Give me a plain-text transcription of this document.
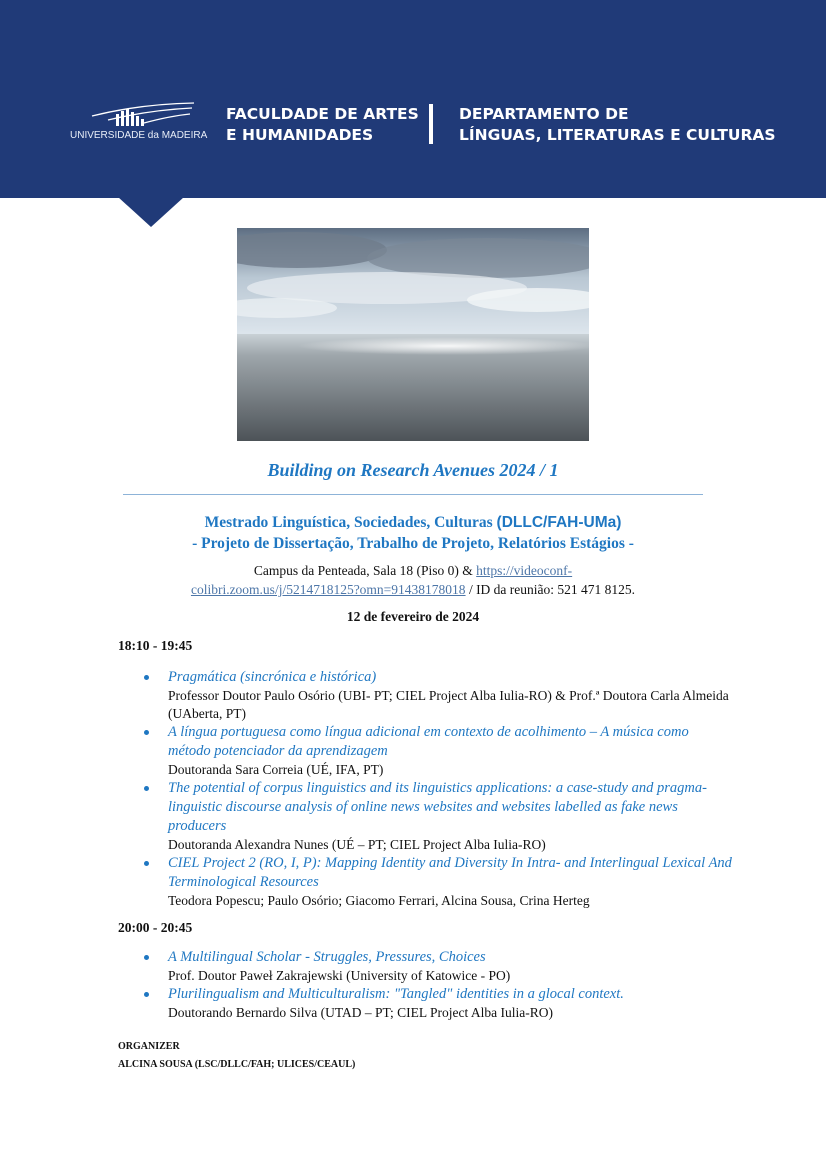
UNIVERSIDADE da MADEIRA
FACULDADE DE ARTES
E HUMANIDADES
DEPARTAMENTO DE
LÍNGUAS, LITERATURAS E CULTURAS
Building on Research Avenues 2024 / 1
Mestrado Linguística, Sociedades, Culturas (DLLC/FAH-UMa)
- Projeto de Dissertação, Trabalho de Projeto, Relatórios Estágios -
Campus da Penteada, Sala 18 (Piso 0) & https://videoconf-
colibri.zoom.us/j/5214718125?omn=91438178018 / ID da reunião: 521 471 8125.
12 de fevereiro de 2024
18:10 - 19:45
Pragmática (sincrónica e histórica)
Professor Doutor Paulo Osório (UBI- PT; CIEL Project Alba Iulia-RO) & Prof.ª Doutora Carla Almeida (UAberta, PT)
A língua portuguesa como língua adicional em contexto de acolhimento – A música como método potenciador da aprendizagem
Doutoranda Sara Correia (UÉ, IFA, PT)
The potential of corpus linguistics and its linguistics applications: a case-study and pragma-linguistic discourse analysis of online news websites and websites labelled as fake news producers
Doutoranda Alexandra Nunes (UÉ – PT; CIEL Project Alba Iulia-RO)
CIEL Project 2 (RO, I, P): Mapping Identity and Diversity In Intra- and Interlingual Lexical And Terminological Resources
Teodora Popescu; Paulo Osório; Giacomo Ferrari, Alcina Sousa, Crina Herteg
20:00 - 20:45
A Multilingual Scholar - Struggles, Pressures, Choices
Prof. Doutor Paweł Zakrajewski (University of Katowice - PO)
Plurilingualism and Multiculturalism: "Tangled" identities in a glocal context.
Doutorando Bernardo Silva (UTAD – PT; CIEL Project Alba Iulia-RO)
ORGANIZER
ALCINA SOUSA (LSC/DLLC/FAH; ULICES/CEAUL)
